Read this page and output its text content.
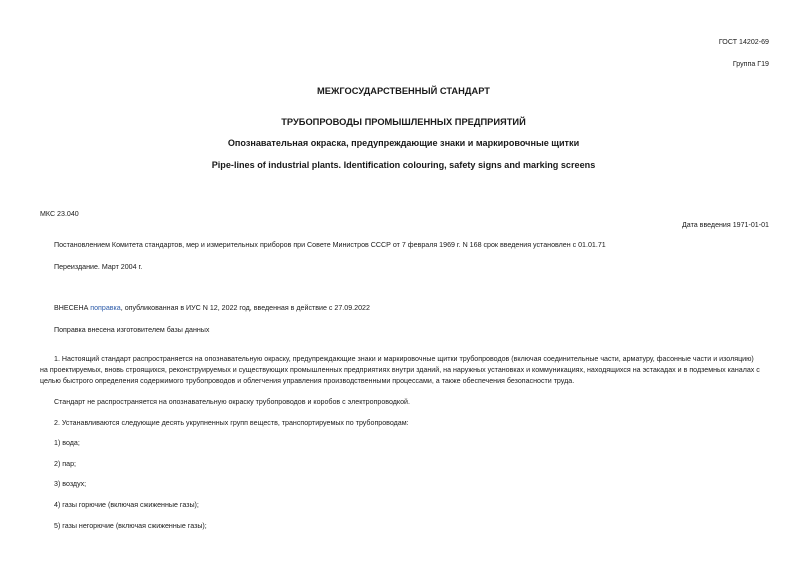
ГОСТ 14202-69
Группа Г19
МЕЖГОСУДАРСТВЕННЫЙ СТАНДАРТ
ТРУБОПРОВОДЫ ПРОМЫШЛЕННЫХ ПРЕДПРИЯТИЙ
Опознавательная окраска, предупреждающие знаки и маркировочные щитки
Pipe-lines of industrial plants. Identification colouring, safety signs and marking screens
МКС 23.040
Дата введения 1971-01-01
Постановлением Комитета стандартов, мер и измерительных приборов при Совете Министров СССР от 7 февраля 1969 г. N 168 срок введения установлен с 01.01.71
Переиздание. Март 2004 г.
ВНЕСЕНА поправка, опубликованная в ИУС N 12, 2022 год, введенная в действие с 27.09.2022
Поправка внесена изготовителем базы данных
1. Настоящий стандарт распространяется на опознавательную окраску, предупреждающие знаки и маркировочные щитки трубопроводов (включая соединительные части, арматуру, фасонные части и изоляцию)
на проектируемых, вновь строящихся, реконструируемых и существующих промышленных предприятиях внутри зданий, на наружных установках и коммуникациях, находящихся на эстакадах и в подземных каналах с
целью быстрого определения содержимого трубопроводов и облегчения управления производственными процессами, а также обеспечения безопасности труда.
Стандарт не распространяется на опознавательную окраску трубопроводов и коробов с электропроводкой.
2. Устанавливаются следующие десять укрупненных групп веществ, транспортируемых по трубопроводам:
1) вода;
2) пар;
3) воздух;
4) газы горючие (включая сжиженные газы);
5) газы негорючие (включая сжиженные газы);
